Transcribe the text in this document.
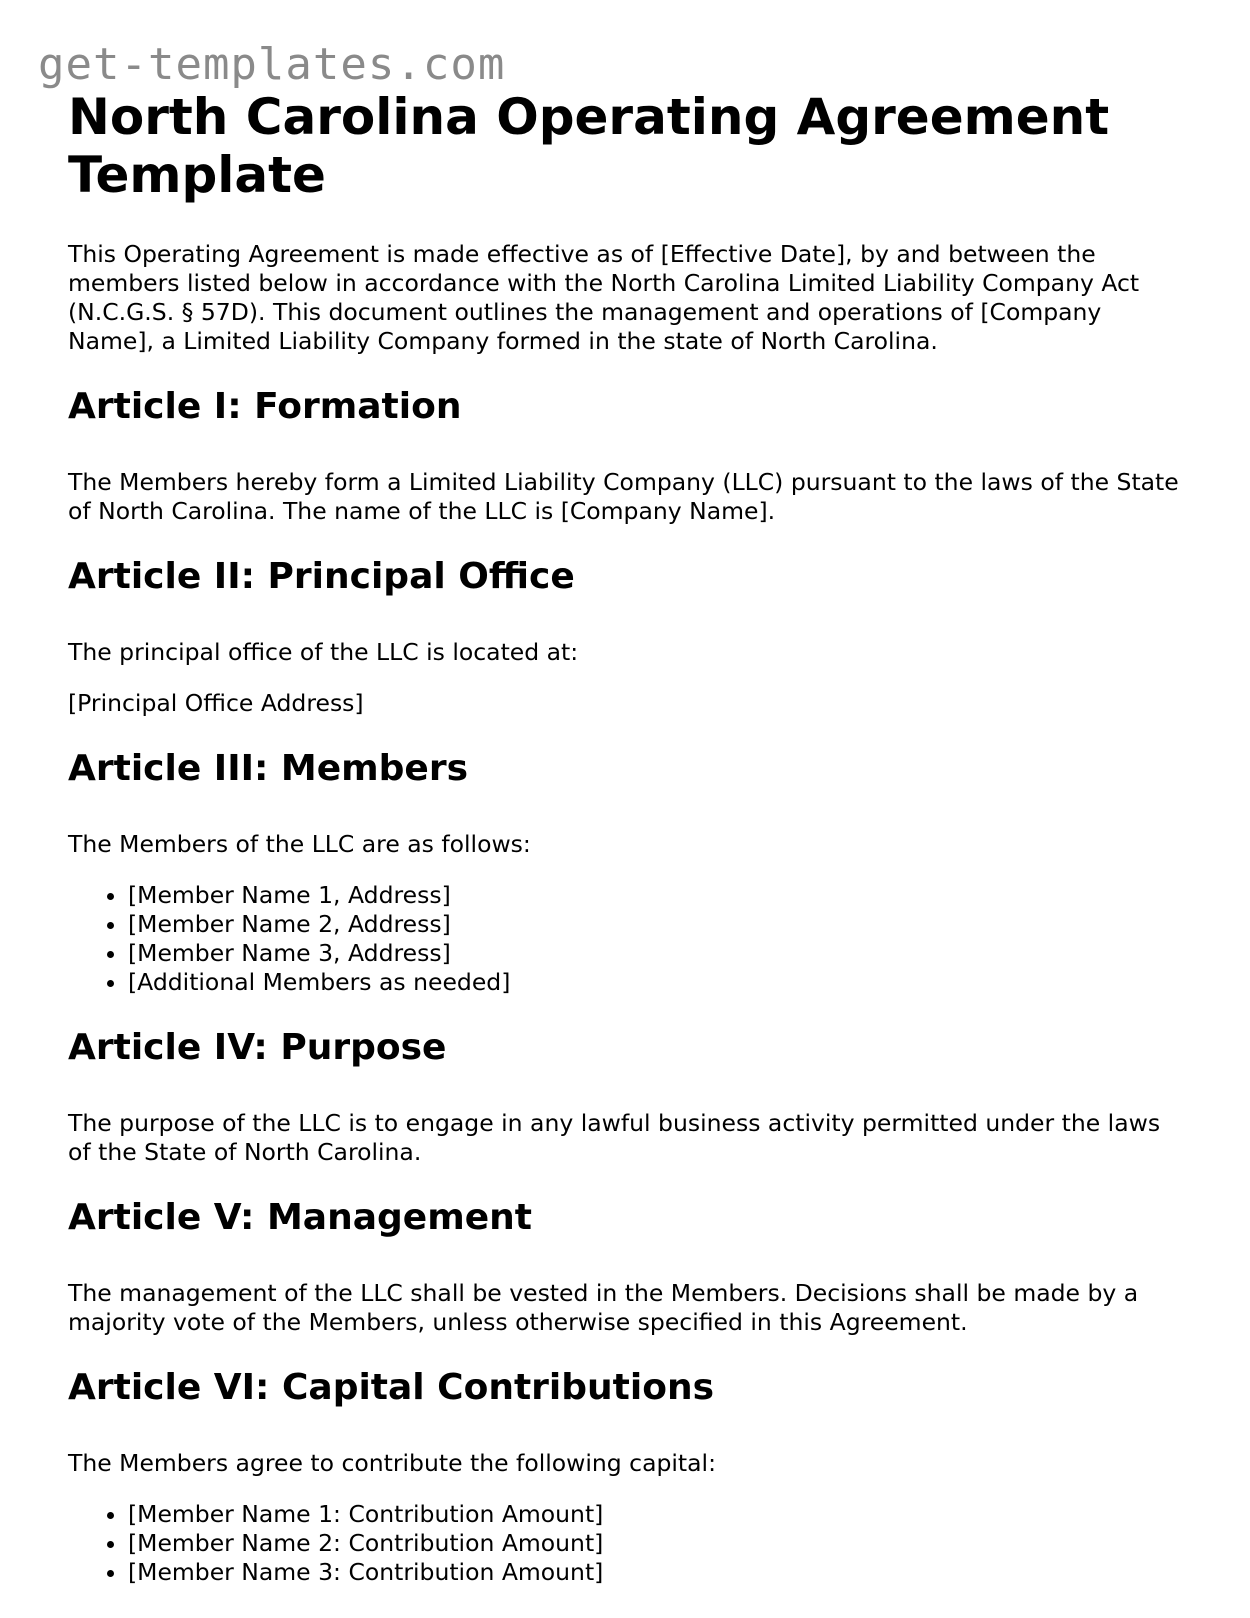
get-templates.com
North Carolina Operating Agreement Template

This Operating Agreement is made effective as of [Effective Date], by and between the members listed below in accordance with the North Carolina Limited Liability Company Act (N.C.G.S. § 57D). This document outlines the management and operations of [Company Name], a Limited Liability Company formed in the state of North Carolina.

Article I: Formation

The Members hereby form a Limited Liability Company (LLC) pursuant to the laws of the State of North Carolina. The name of the LLC is [Company Name].

Article II: Principal Office

The principal office of the LLC is located at:

[Principal Office Address]

Article III: Members

The Members of the LLC are as follows:

• [Member Name 1, Address]
• [Member Name 2, Address]
• [Member Name 3, Address]
• [Additional Members as needed]
Article IV: Purpose

The purpose of the LLC is to engage in any lawful business activity permitted under the laws of the State of North Carolina.

Article V: Management

The management of the LLC shall be vested in the Members. Decisions shall be made by a majority vote of the Members, unless otherwise specified in this Agreement.

Article VI: Capital Contributions

The Members agree to contribute the following capital:

• [Member Name 1: Contribution Amount]
• [Member Name 2: Contribution Amount]
• [Member Name 3: Contribution Amount]
